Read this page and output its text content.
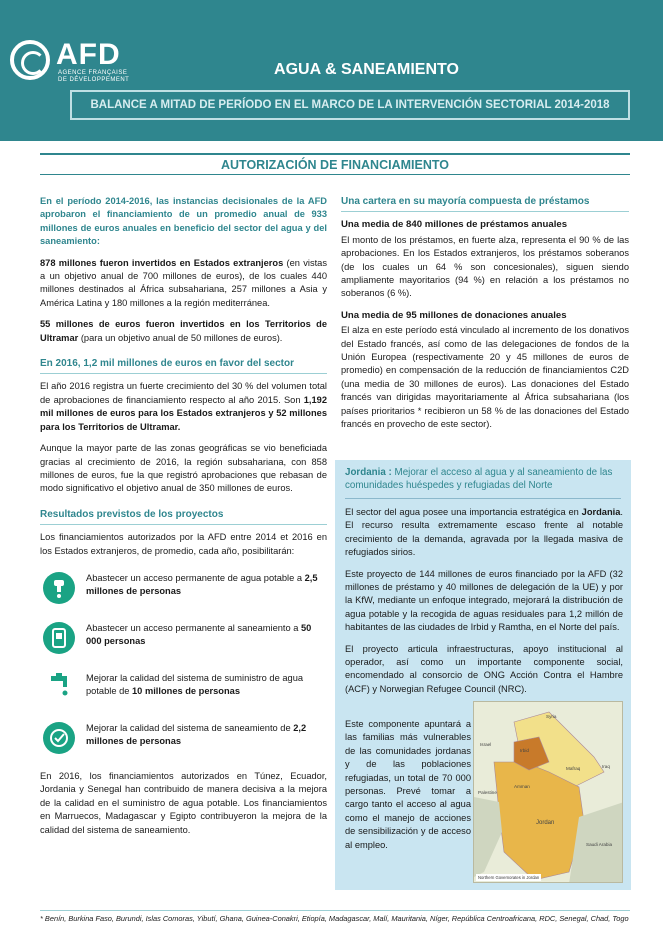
AFD
AGENCE FRANÇAISE
DE DÉVELOPPEMENT
AGUA & SANEAMIENTO
BALANCE A MITAD DE PERÍODO EN EL MARCO DE LA INTERVENCIÓN SECTORIAL 2014-2018
AUTORIZACIÓN DE FINANCIAMIENTO

En el período 2014-2016, las instancias decisionales de la AFD aprobaron el financiamiento de un promedio anual de 933 millones de euros anuales en beneficio del sector del agua y del saneamiento:

878 millones fueron invertidos en Estados extranjeros (en vistas a un objetivo anual de 700 millones de euros), de los cuales 440 millones destinados al África subsahariana, 257 millones a Asia y América Latina y 180 millones a la región mediterránea.

55 millones de euros fueron invertidos en los Territorios de Ultramar (para un objetivo anual de 50 millones de euros).

En 2016, 1,2 mil millones de euros en favor del sector

El año 2016 registra un fuerte crecimiento del 30 % del volumen total de aprobaciones de financiamiento respecto al año 2015. Son 1,192 mil millones de euros para los Estados extranjeros y 52 millones para los Territorios de Ultramar.

Aunque la mayor parte de las zonas geográficas se vio beneficiada gracias al crecimiento de 2016, la región subsahariana, con 858 millones de euros, fue la que registró aprobaciones que rebasan de modo significativo el objetivo anual de 350 millones de euros.

Resultados previstos de los proyectos

Los financiamientos autorizados por la AFD entre 2014 et 2016 en los Estados extranjeros, de promedio, cada año, posibilitarán:

Abastecer un acceso permanente de agua potable a 2,5 millones de personas
Abastecer un acceso permanente al saneamiento a 50 000 personas
Mejorar la calidad del sistema de suministro de agua potable de 10 millones de personas
Mejorar la calidad del sistema de saneamiento de 2,2 millones de personas

En 2016, los financiamientos autorizados en Túnez, Ecuador, Jordania y Senegal han contribuido de manera decisiva a la mejora de la calidad en el suministro de agua potable. Los financiamientos en Marruecos, Madagascar y Egipto contribuyeron la mejora de la calidad del sistema de saneamiento.

Una cartera en su mayoría compuesta de préstamos
Una media de 840 millones de préstamos anuales

El monto de los préstamos, en fuerte alza, representa el 90 % de las aprobaciones. En los Estados extranjeros, los préstamos soberanos (de los cuales un 64 % son concesionales), siguen siendo ampliamente mayoritarios (94 %) en relación a los préstamos no soberanos (6 %).

Una media de 95 millones de donaciones anuales

El alza en este período está vinculado al incremento de los donativos del Estado francés, así como de las delegaciones de fondos de la Unión Europea (respectivamente 20 y 45 millones de euros de promedio) en compensación de la reducción de financiamientos C2D (una media de 30 millones de euros). Las donaciones del Estado francés van dirigidas mayoritariamente al África subsahariana (los países prioritarios * recibieron un 58 % de las donaciones del Estado francés en provecho de este sector).

Jordania : Mejorar el acceso al agua y al saneamiento de las comunidades huéspedes y refugiadas del Norte

El sector del agua posee una importancia estratégica en Jordania. El recurso resulta extremamente escaso frente al notable crecimiento de la demanda, agravada por la llegada masiva de refugiados sirios.

Este proyecto de 144 millones de euros financiado por la AFD (32 millones de préstamo y 40 millones de delegación de la UE) y por la KfW, mediante un enfoque integrado, mejorará la distribución de agua potable y la recogida de aguas residuales para 1,2 millón de habitantes de las ciudades de Irbid y Ramtha, en el Norte del país.

El proyecto articula infraestructuras, apoyo institucional al operador, así como un importante componente social, encomendado al consorcio de ONG Acción Contra el Hambre (ACF) y Norwegian Refugee Council (NRC).

Este componente apuntará a las familias más vulnerables de las comunidades jordanas y de las poblaciones refugiadas, un total de 70 000 personas. Prevé tomar a cargo tanto el acceso al agua como el manejo de acciones de sensibilización y de acceso al empleo.

Syria
Israel
Palestine
Irbid
Amman
Iraq
Jordan
Saudi Arabia
Mafraq
Northern Governorates in Jordan
* Benín, Burkina Faso, Burundi, Islas Comoras, Yibutí, Ghana, Guinea-Conakri, Etiopía, Madagascar, Malí, Mauritania, Níger, República Centroafricana, RDC, Senegal, Chad, Togo
